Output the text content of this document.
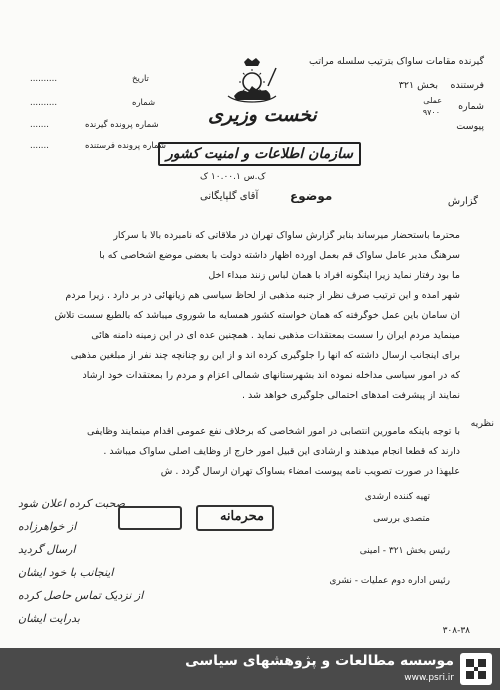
گیرنده مقامات ساواک بترتیب سلسله مراتب
فرستنده
بخش ۳۲۱
شماره
عملی
۹۷۰۰
پیوست
..........	تاریخ
..........	شماره
.......	شماره پرونده گیرنده
.......	شماره پرونده فرستنده
نخست وزیری
سازمان اطلاعات و امنیت کشور
ک.س ۱۰.۰۰.۱ ک
موضوع
آقای گلپایگانی	گزارش
محترما باستحضار میرساند بنابر گزارش ساواک تهران در ملاقاتی که نامبرده بالا با سرکار
سرهنگ مدیر عامل ساواک قم بعمل آورده اظهار داشته دولت با بعضی موضع اشخاصی که با
ما بود رفتار نماید زیرا اینگونه افراد با همان لباس زنند مبداء اخل
شهر آمده و این ترتیب صرف نظر از جنبه مذهبی از لحاظ سیاسی هم زیانهائی در بر دارد . زیرا مردم
آن سامان باین عمل خوگرفته که همان خواسته کشور همسایه ما شوروی میباشد که بالطبع سست تلاش
مینماید مردم ایران را سست بمعتقدات مذهبی نماید . همچنین عده ای در این زمینه دامنه هائی
برای اینجانب ارسال داشته که آنها را جلوگیری کرده اند و از این رو چنانچه چند نفر از مبلغین مذهبی
که در امور سیاسی مداخله نموده اند بشهرستانهای شمالی اعزام و مردم را بمعتقدات خود ارشاد
نمایند از پیشرفت آمدهای احتمالی جلوگیری خواهد شد .
نظریه
با توجه باینکه مامورین انتصابی در امور اشخاصی که برخلاف نفع عمومی اقدام مینمایند وظایفی
دارند که قطعا انجام میدهند و ارشادی این قبیل امور خارج از وظایف اصلی ساواک میباشد .
علیهذا در صورت تصویب نامه پیوست امضاء بساواک تهران ارسال گردد . ش
تهیه کننده ارشدی
متصدی بررسی
رئیس بخش ۳۲۱ - امینی
رئیس اداره دوم عملیات - نشری
محرمانه
صحبت کرده اعلان شود
از خواهرزاده
ارسال گردید
اینجانب با خود ایشان
از نزدیک تماس حاصل کرده
بدرایت ایشان
۳۰۸-۳۸
موسسه مطالعات و پژوهشهای سیاسی
www.psri.ir
